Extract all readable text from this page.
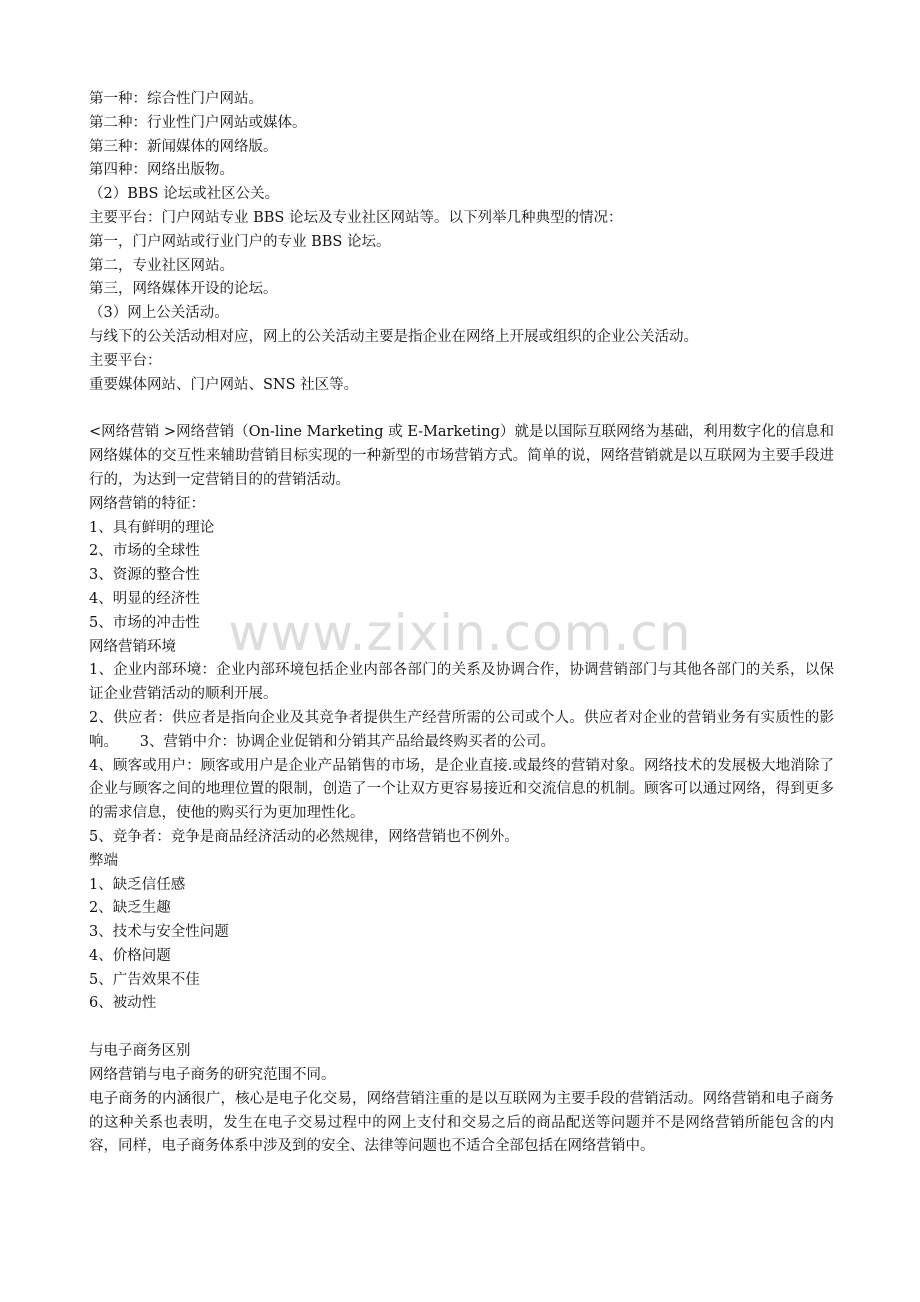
第一种：综合性门户网站。
第二种：行业性门户网站或媒体。
第三种：新闻媒体的网络版。
第四种：网络出版物。
（2）BBS 论坛或社区公关。
主要平台：门户网站专业 BBS 论坛及专业社区网站等。以下列举几种典型的情况：
第一，门户网站或行业门户的专业 BBS 论坛。
第二，专业社区网站。
第三，网络媒体开设的论坛。
（3）网上公关活动。
与线下的公关活动相对应，网上的公关活动主要是指企业在网络上开展或组织的企业公关活动。
主要平台：
重要媒体网站、门户网站、SNS 社区等。
<网络营销 >网络营销（On-line Marketing 或 E-Marketing）就是以国际互联网络为基础，利用数字化的信息和网络媒体的交互性来辅助营销目标实现的一种新型的市场营销方式。简单的说，网络营销就是以互联网为主要手段进行的，为达到一定营销目的的营销活动。
网络营销的特征：
1、具有鲜明的理论
2、市场的全球性
3、资源的整合性
4、明显的经济性
5、市场的冲击性
网络营销环境
1、企业内部环境：企业内部环境包括企业内部各部门的关系及协调合作，协调营销部门与其他各部门的关系，以保证企业营销活动的顺利开展。
2、供应者：供应者是指向企业及其竞争者提供生产经营所需的公司或个人。供应者对企业的营销业务有实质性的影响。　　3、营销中介：协调企业促销和分销其产品给最终购买者的公司。
4、顾客或用户：顾客或用户是企业产品销售的市场，是企业直接.或最终的营销对象。网络技术的发展极大地消除了企业与顾客之间的地理位置的限制，创造了一个让双方更容易接近和交流信息的机制。顾客可以通过网络，得到更多的需求信息，使他的购买行为更加理性化。
5、竞争者：竞争是商品经济活动的必然规律，网络营销也不例外。
弊端
1、缺乏信任感
2、缺乏生趣
3、技术与安全性问题
4、价格问题
5、广告效果不佳
6、被动性
与电子商务区别
网络营销与电子商务的研究范围不同。
电子商务的内涵很广，核心是电子化交易，网络营销注重的是以互联网为主要手段的营销活动。网络营销和电子商务的这种关系也表明，发生在电子交易过程中的网上支付和交易之后的商品配送等问题并不是网络营销所能包含的内容，同样，电子商务体系中涉及到的安全、法律等问题也不适合全部包括在网络营销中。
www.zixin.com.cn
